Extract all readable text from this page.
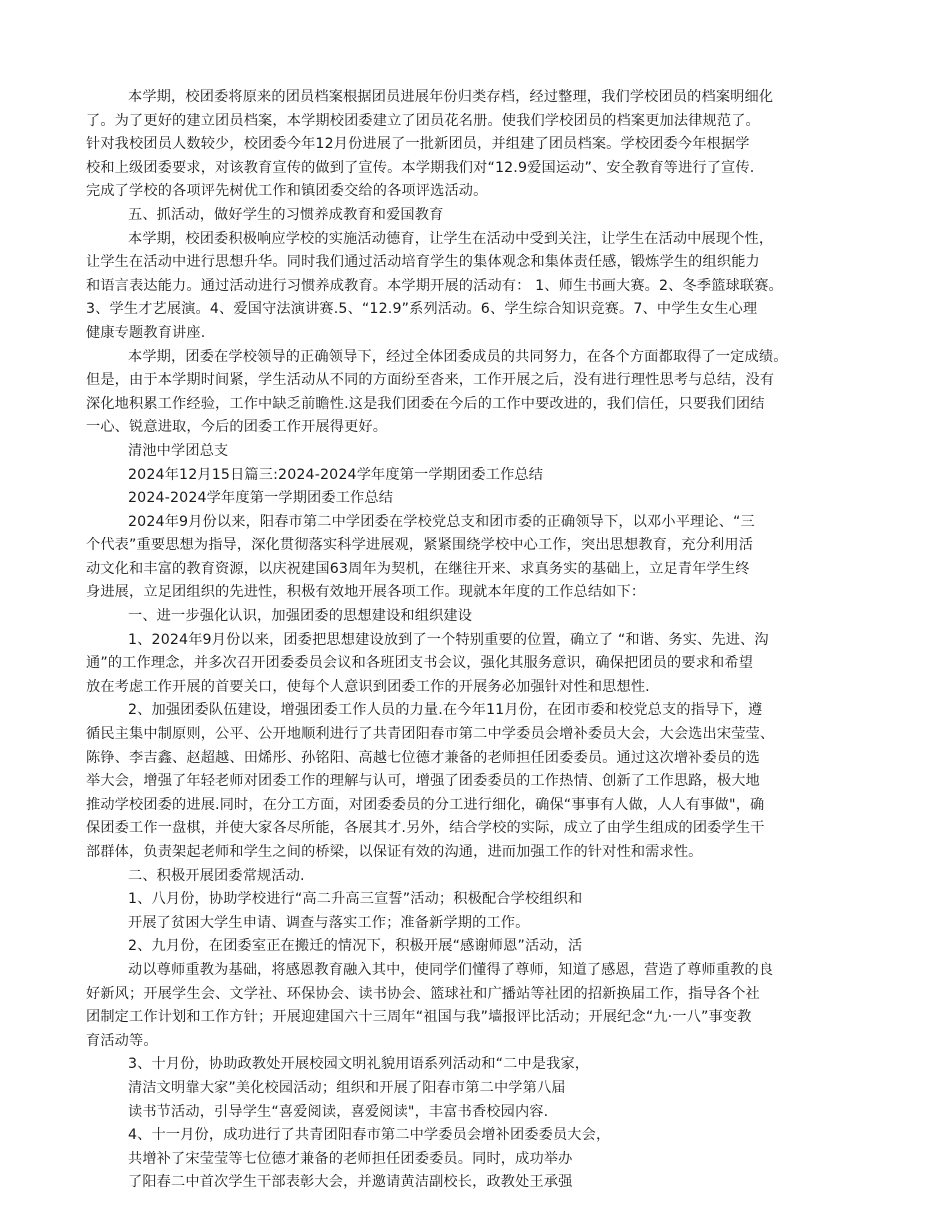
本学期，校团委将原来的团员档案根据团员进展年份归类存档，经过整理，我们学校团员的档案明细化
了。为了更好的建立团员档案，本学期校团委建立了团员花名册。使我们学校团员的档案更加法律规范了。
针对我校团员人数较少，校团委今年12月份进展了一批新团员，并组建了团员档案。学校团委今年根据学
校和上级团委要求，对该教育宣传的做到了宣传。本学期我们对“12.9爱国运动”、安全教育等进行了宣传.
完成了学校的各项评先树优工作和镇团委交给的各项评选活动。
五、抓活动，做好学生的习惯养成教育和爱国教育
本学期，校团委积极响应学校的实施活动德育，让学生在活动中受到关注，让学生在活动中展现个性，
让学生在活动中进行思想升华。同时我们通过活动培育学生的集体观念和集体责任感，锻炼学生的组织能力
和语言表达能力。通过活动进行习惯养成教育。本学期开展的活动有： 1、师生书画大赛。2、冬季篮球联赛。
3、学生才艺展演。4、爱国守法演讲赛.5、“12.9”系列活动。6、学生综合知识竞赛。7、中学生女生心理
健康专题教育讲座.
本学期，团委在学校领导的正确领导下，经过全体团委成员的共同努力，在各个方面都取得了一定成绩。
但是，由于本学期时间紧，学生活动从不同的方面纷至沓来，工作开展之后，没有进行理性思考与总结，没有
深化地积累工作经验，工作中缺乏前瞻性.这是我们团委在今后的工作中要改进的，我们信任，只要我们团结
一心、锐意进取，今后的团委工作开展得更好。
清池中学团总支
2024年12月15日篇三:2024-2024学年度第一学期团委工作总结
2024-2024学年度第一学期团委工作总结
2024年9月份以来，阳春市第二中学团委在学校党总支和团市委的正确领导下，以邓小平理论、“三
个代表”重要思想为指导，深化贯彻落实科学进展观，紧紧围绕学校中心工作，突出思想教育，充分利用活
动文化和丰富的教育资源，以庆祝建国63周年为契机，在继往开来、求真务实的基础上，立足青年学生终
身进展，立足团组织的先进性，积极有效地开展各项工作。现就本年度的工作总结如下：
一、进一步强化认识，加强团委的思想建设和组织建设
1、2024年9月份以来，团委把思想建设放到了一个特别重要的位置，确立了 “和谐、务实、先进、沟
通”的工作理念，并多次召开团委委员会议和各班团支书会议，强化其服务意识，确保把团员的要求和希望
放在考虑工作开展的首要关口，使每个人意识到团委工作的开展务必加强针对性和思想性.
2、加强团委队伍建设，增强团委工作人员的力量.在今年11月份，在团市委和校党总支的指导下，遵
循民主集中制原则，公平、公开地顺利进行了共青团阳春市第二中学委员会增补委员大会，大会选出宋莹莹、
陈铮、李吉鑫、赵超越、田烯彤、孙铭阳、高越七位德才兼备的老师担任团委委员。通过这次增补委员的选
举大会，增强了年轻老师对团委工作的理解与认可，增强了团委委员的工作热情、创新了工作思路，极大地
推动学校团委的进展.同时，在分工方面，对团委委员的分工进行细化，确保“事事有人做，人人有事做"，确
保团委工作一盘棋，并使大家各尽所能，各展其才.另外，结合学校的实际，成立了由学生组成的团委学生干
部群体，负责架起老师和学生之间的桥梁，以保证有效的沟通，进而加强工作的针对性和需求性。
二、积极开展团委常规活动.
1、八月份，协助学校进行“高二升高三宣誓”活动；积极配合学校组织和
开展了贫困大学生申请、调查与落实工作；准备新学期的工作。
2、九月份，在团委室正在搬迁的情况下，积极开展“感谢师恩”活动，活
动以尊师重教为基础，将感恩教育融入其中，使同学们懂得了尊师，知道了感恩，营造了尊师重教的良
好新风；开展学生会、文学社、环保协会、读书协会、篮球社和广播站等社团的招新换届工作，指导各个社
团制定工作计划和工作方针；开展迎建国六十三周年“祖国与我”墙报评比活动；开展纪念“九·一八”事变教
育活动等。
3、十月份，协助政教处开展校园文明礼貌用语系列活动和“二中是我家，
清洁文明靠大家”美化校园活动；组织和开展了阳春市第二中学第八届
读书节活动，引导学生“喜爱阅读，喜爱阅读"，丰富书香校园内容.
4、十一月份，成功进行了共青团阳春市第二中学委员会增补团委委员大会，
共增补了宋莹莹等七位德才兼备的老师担任团委委员。同时，成功举办
了阳春二中首次学生干部表彰大会，并邀请黄洁副校长，政教处王承强
